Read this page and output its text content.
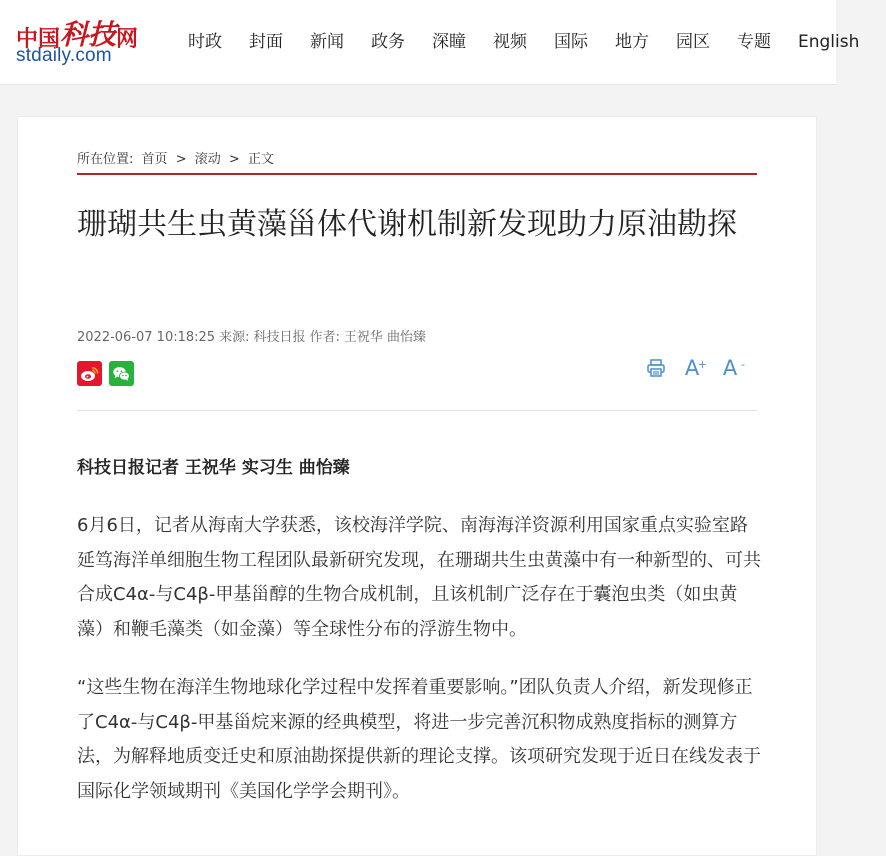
中国科技网
stdaily.com
时政 封面 新闻 政务 深瞳 视频 国际 地方 园区 专题 English
所在位置: 首页 > 滚动 > 正文
珊瑚共生虫黄藻甾体代谢机制新发现助力原油勘探
2022-06-07 10:18:25 来源: 科技日报 作者: 王祝华 曲怡臻
A
+ A -
科技日报记者 王祝华 实习生 曲怡臻

6月6日，记者从海南大学获悉，该校海洋学院、南海海洋资源利用国家重点实验室路延笃海洋单细胞生物工程团队最新研究发现，在珊瑚共生虫黄藻中有一种新型的、可共合成C4α-与C4β-甲基甾醇的生物合成机制，且该机制广泛存在于囊泡虫类（如虫黄藻）和鞭毛藻类（如金藻）等全球性分布的浮游生物中。

“这些生物在海洋生物地球化学过程中发挥着重要影响。”团队负责人介绍，新发现修正了C4α-与C4β-甲基甾烷来源的经典模型，将进一步完善沉积物成熟度指标的测算方法，为解释地质变迁史和原油勘探提供新的理论支撑。该项研究发现于近日在线发表于国际化学领域期刊《美国化学学会期刊》。
